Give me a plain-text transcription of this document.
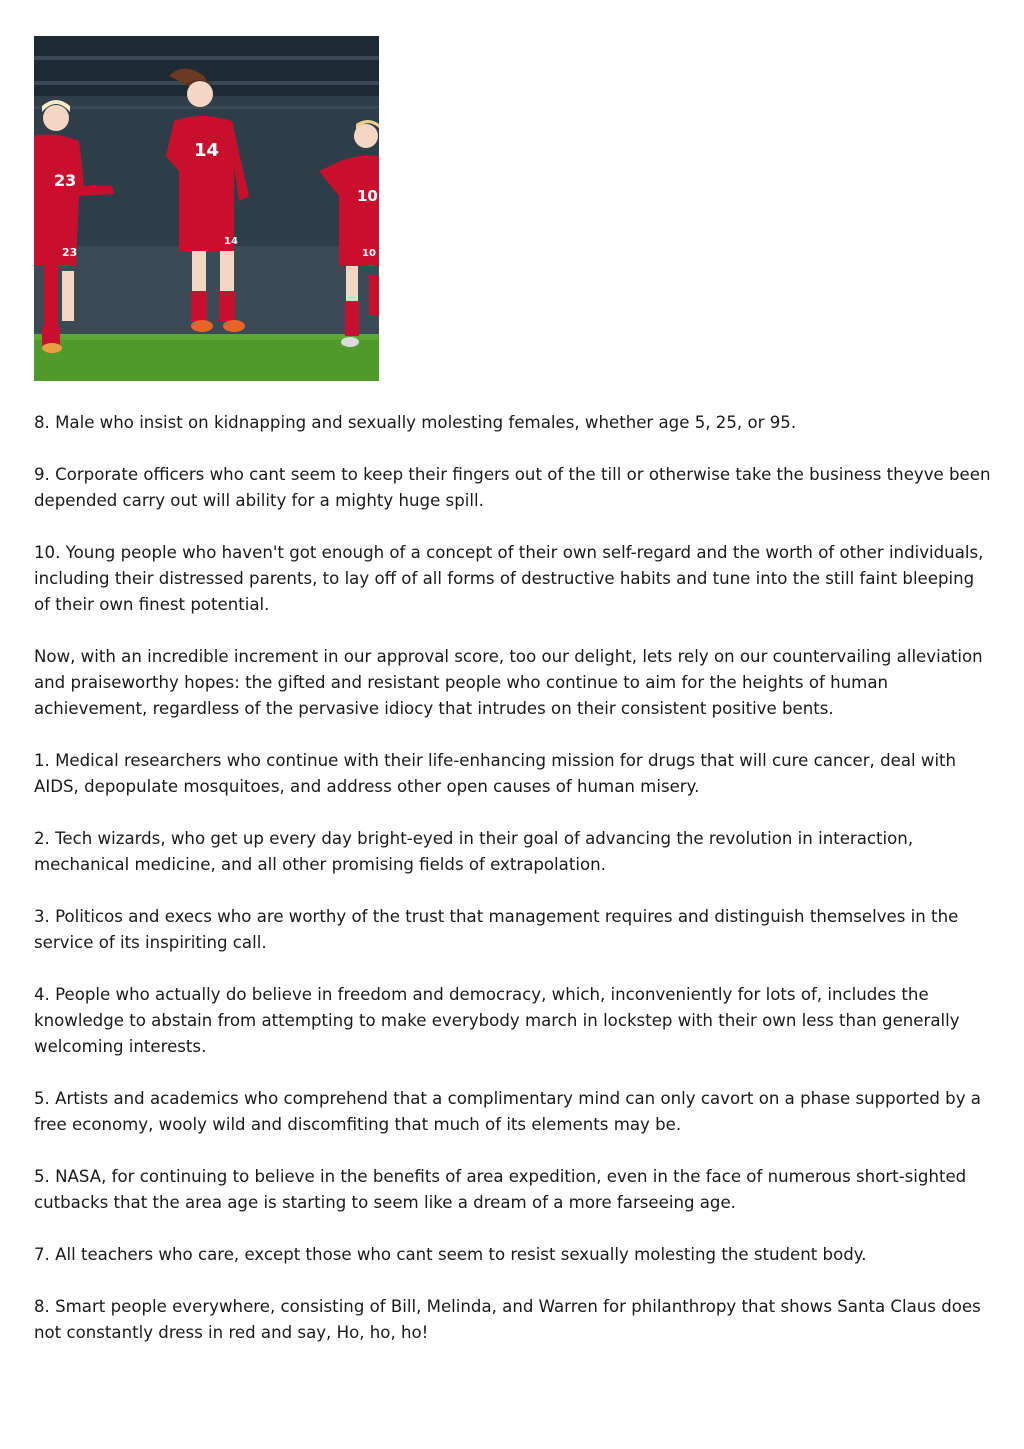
23
23
14
14
10
10

8. Male who insist on kidnapping and sexually molesting females, whether age 5, 25, or 95.

9. Corporate officers who cant seem to keep their fingers out of the till or otherwise take the business theyve been depended carry out will ability for a mighty huge spill.

10. Young people who haven't got enough of a concept of their own self-regard and the worth of other individuals, including their distressed parents, to lay off of all forms of destructive habits and tune into the still faint bleeping of their own finest potential.

Now, with an incredible increment in our approval score, too our delight, lets rely on our countervailing alleviation and praiseworthy hopes: the gifted and resistant people who continue to aim for the heights of human achievement, regardless of the pervasive idiocy that intrudes on their consistent positive bents.

1. Medical researchers who continue with their life-enhancing mission for drugs that will cure cancer, deal with AIDS, depopulate mosquitoes, and address other open causes of human misery.

2. Tech wizards, who get up every day bright-eyed in their goal of advancing the revolution in interaction, mechanical medicine, and all other promising fields of extrapolation.

3. Politicos and execs who are worthy of the trust that management requires and distinguish themselves in the service of its inspiriting call.

4. People who actually do believe in freedom and democracy, which, inconveniently for lots of, includes the knowledge to abstain from attempting to make everybody march in lockstep with their own less than generally welcoming interests.

5. Artists and academics who comprehend that a complimentary mind can only cavort on a phase supported by a free economy, wooly wild and discomfiting that much of its elements may be.

5. NASA, for continuing to believe in the benefits of area expedition, even in the face of numerous short-sighted cutbacks that the area age is starting to seem like a dream of a more farseeing age.

7. All teachers who care, except those who cant seem to resist sexually molesting the student body.

8. Smart people everywhere, consisting of Bill, Melinda, and Warren for philanthropy that shows Santa Claus does not constantly dress in red and say, Ho, ho, ho!
